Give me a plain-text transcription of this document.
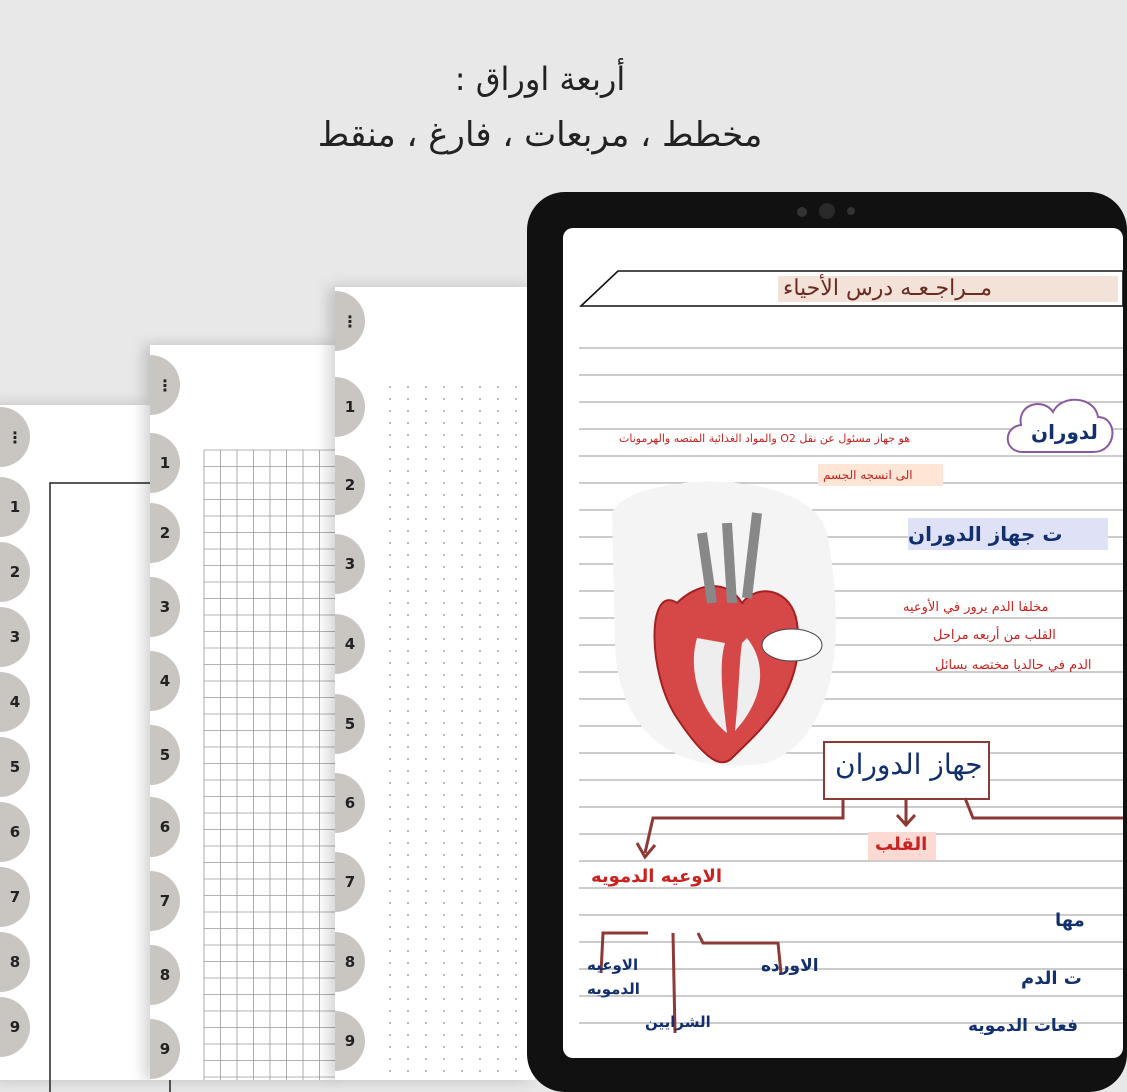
أربعة اوراق :
مخطط ، مربعات ، فارغ ، منقط
⋮
1
2
3
4
5
6
7
8
9
⋮
1
2
3
4
5
6
7
8
9
⋮
1
2
3
4
5
6
7
8
9
مــراجـعـه درس الأحياء
لدوران
هو جهاز مسئول عن نقل O2 والمواد الغذائية المتصه والهرمونات
الى انسجه الجسم
ت جهاز الدوران
مخلفا الدم يرور في الأوعيه
القلب من أربعه مراحل
الدم في حالديا مختصه بسائل
جهاز الدوران
القلب
الاوعيه الدمويه
الاوعيه
الدمويه
الاورده
الشرايين
مها
ت الدم
فعات الدمويه
